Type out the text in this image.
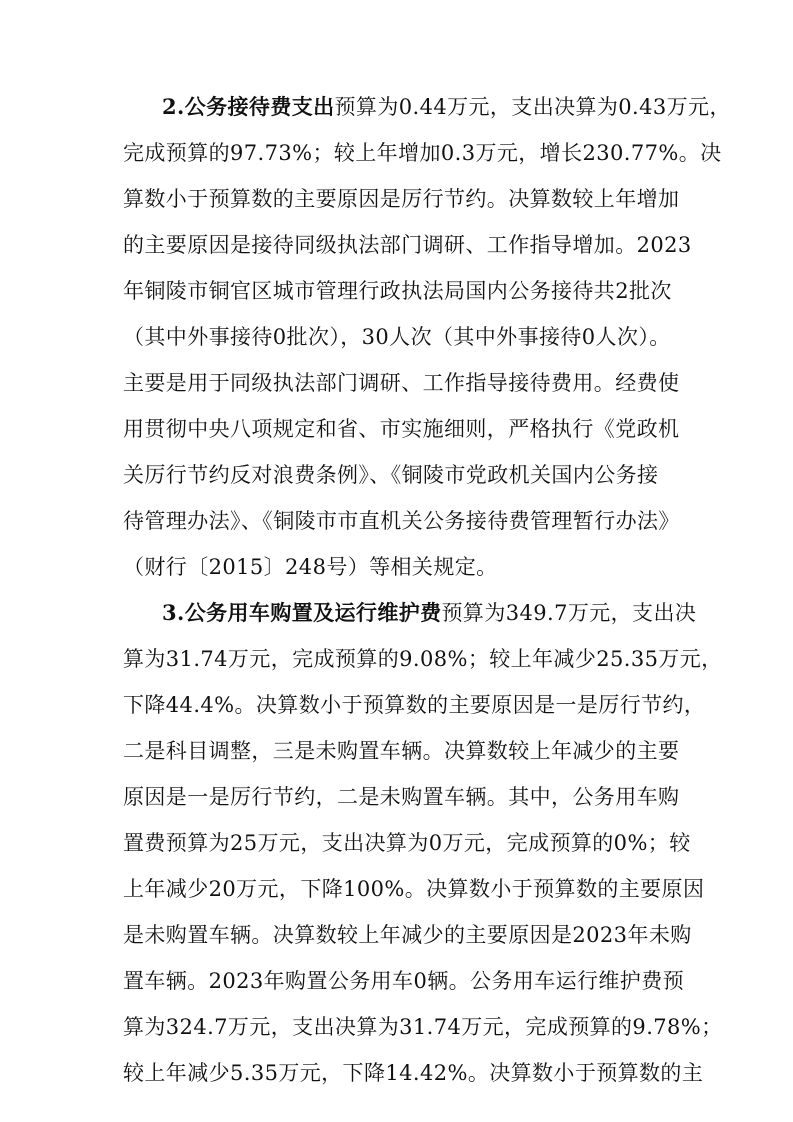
2.公务接待费支出预算为0.44万元，支出决算为0.43万元，
完成预算的97.73%；较上年增加0.3万元，增长230.77%。决
算数小于预算数的主要原因是厉行节约。决算数较上年增加
的主要原因是接待同级执法部门调研、工作指导增加。2023
年铜陵市铜官区城市管理行政执法局国内公务接待共2批次
（其中外事接待0批次），30人次（其中外事接待0人次）。
主要是用于同级执法部门调研、工作指导接待费用。经费使
用贯彻中央八项规定和省、市实施细则，严格执行《党政机
关厉行节约反对浪费条例》、《铜陵市党政机关国内公务接
待管理办法》、《铜陵市市直机关公务接待费管理暂行办法》
（财行〔2015〕248号）等相关规定。
3.公务用车购置及运行维护费预算为349.7万元，支出决
算为31.74万元，完成预算的9.08%；较上年减少25.35万元，
下降44.4%。决算数小于预算数的主要原因是一是厉行节约，
二是科目调整，三是未购置车辆。决算数较上年减少的主要
原因是一是厉行节约，二是未购置车辆。其中，公务用车购
置费预算为25万元，支出决算为0万元，完成预算的0%；较
上年减少20万元，下降100%。决算数小于预算数的主要原因
是未购置车辆。决算数较上年减少的主要原因是2023年未购
置车辆。2023年购置公务用车0辆。公务用车运行维护费预
算为324.7万元，支出决算为31.74万元，完成预算的9.78%；
较上年减少5.35万元，下降14.42%。决算数小于预算数的主
